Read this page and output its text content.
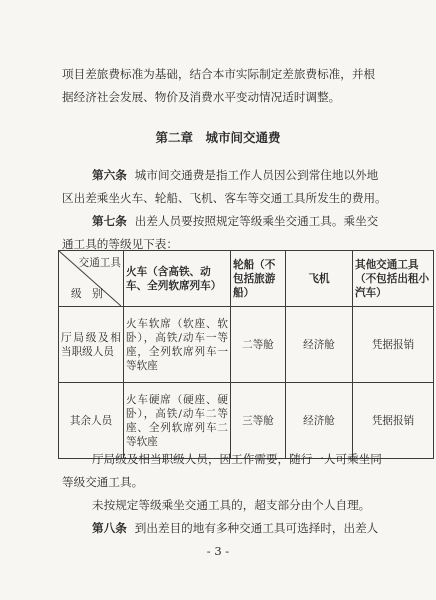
项目差旅费标准为基础，结合本市实际制定差旅费标准，并根
据经济社会发展、物价及消费水平变动情况适时调整。
第二章　城市间交通费
第六条 城市间交通费是指工作人员因公到常住地以外地
区出差乘坐火车、轮船、飞机、客车等交通工具所发生的费用。
第七条 出差人员要按照规定等级乘坐交通工具。乘坐交
通工具的等级见下表：
交通工具
级　别	火车（含高铁、动车、全列软席列车）	轮船（不包括旅游船）	飞机	其他交通工具（不包括出租小汽车）
厅局级及相当职级人员	火车软席（软座、软卧），高铁/动车一等座，全列软席列车一等软座	二等舱	经济舱	凭据报销
其余人员	火车硬席（硬座、硬卧），高铁/动车二等座、全列软席列车二等软座	三等舱	经济舱	凭据报销
厅局级及相当职级人员，因工作需要，随行一人可乘坐同
等级交通工具。
未按规定等级乘坐交通工具的，超支部分由个人自理。
第八条 到出差目的地有多种交通工具可选择时，出差人
- 3 -
